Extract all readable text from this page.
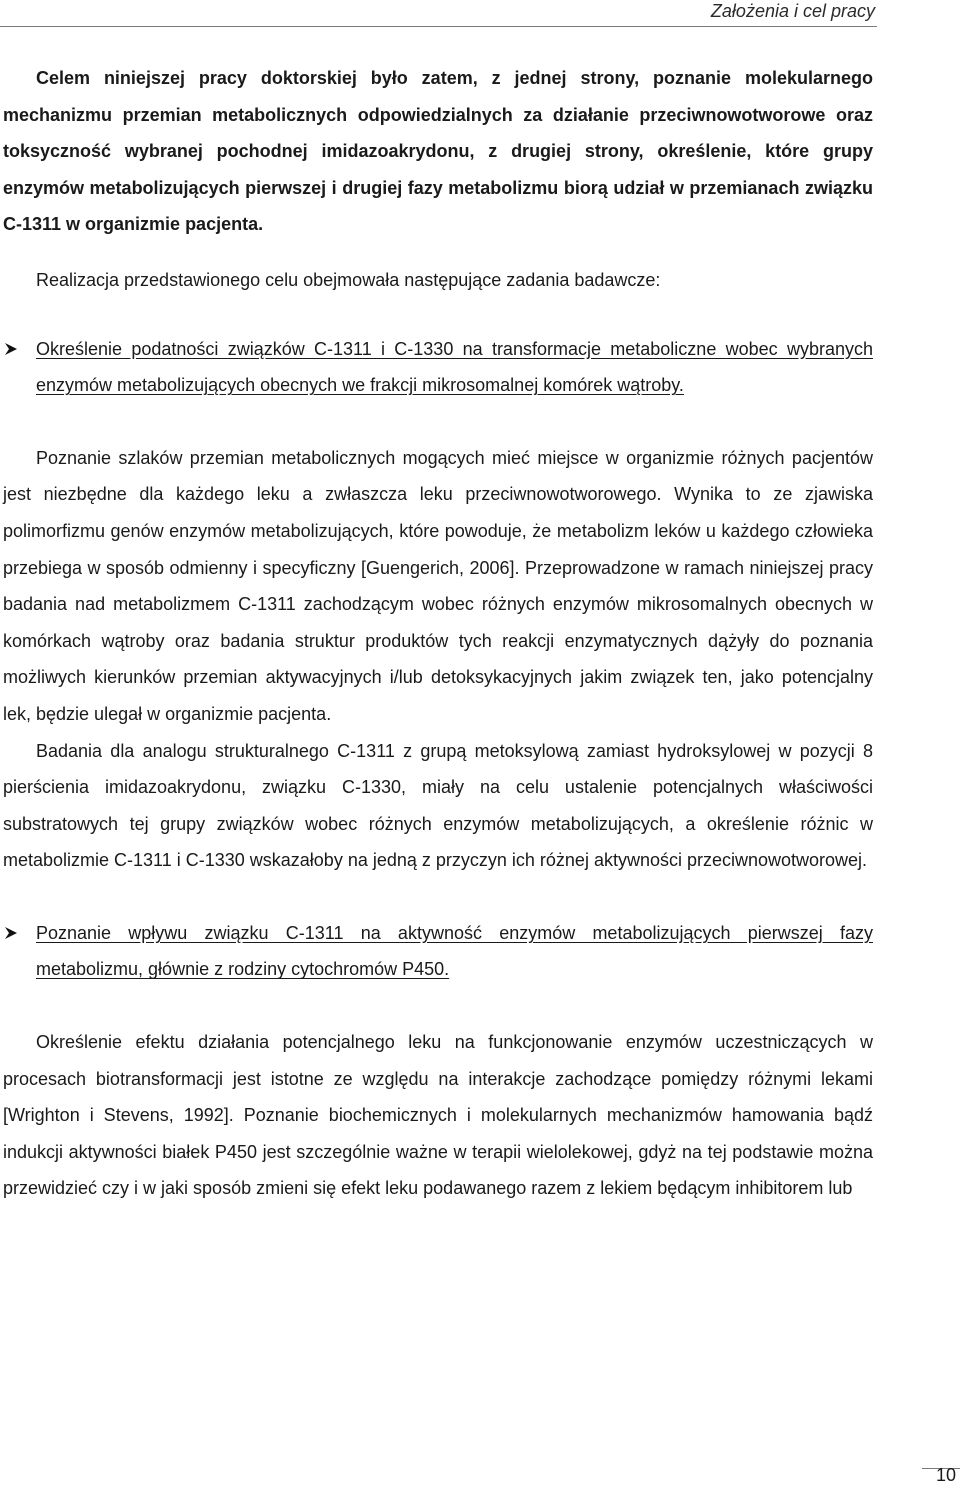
Założenia i cel pracy

Celem niniejszej pracy doktorskiej było zatem, z jednej strony, poznanie molekularnego mechanizmu przemian metabolicznych odpowiedzialnych za działanie przeciwnowotworowe oraz toksyczność wybranej pochodnej imidazoakrydonu, z drugiej strony, określenie, które grupy enzymów metabolizujących pierwszej i drugiej fazy metabolizmu biorą udział w przemianach związku C-1311 w organizmie pacjenta.

Realizacja przedstawionego celu obejmowała następujące zadania badawcze:

Określenie podatności związków C-1311 i C-1330 na transformacje metaboliczne wobec wybranych enzymów metabolizujących obecnych we frakcji mikrosomalnej komórek wątroby.

Poznanie szlaków przemian metabolicznych mogących mieć miejsce w organizmie różnych pacjentów jest niezbędne dla każdego leku a zwłaszcza leku przeciwnowotworowego. Wynika to ze zjawiska polimorfizmu genów enzymów metabolizujących, które powoduje, że metabolizm leków u każdego człowieka przebiega w sposób odmienny i specyficzny [Guengerich, 2006]. Przeprowadzone w ramach niniejszej pracy badania nad metabolizmem C-1311 zachodzącym wobec różnych enzymów mikrosomalnych obecnych w komórkach wątroby oraz badania struktur produktów tych reakcji enzymatycznych dążyły do poznania możliwych kierunków przemian aktywacyjnych i/lub detoksykacyjnych jakim związek ten, jako potencjalny lek, będzie ulegał w organizmie pacjenta.

Badania dla analogu strukturalnego C-1311 z grupą metoksylową zamiast hydroksylowej w pozycji 8 pierścienia imidazoakrydonu, związku C-1330, miały na celu ustalenie potencjalnych właściwości substratowych tej grupy związków wobec różnych enzymów metabolizujących, a określenie różnic w metabolizmie C-1311 i C-1330 wskazałoby na jedną z przyczyn ich różnej aktywności przeciwnowotworowej.

Poznanie wpływu związku C-1311 na aktywność enzymów metabolizujących pierwszej fazy metabolizmu, głównie z rodziny cytochromów P450.

Określenie efektu działania potencjalnego leku na funkcjonowanie enzymów uczestniczących w procesach biotransformacji jest istotne ze względu na interakcje zachodzące pomiędzy różnymi lekami [Wrighton i Stevens, 1992]. Poznanie biochemicznych i molekularnych mechanizmów hamowania bądź indukcji aktywności białek P450 jest szczególnie ważne w terapii wielolekowej, gdyż na tej podstawie można przewidzieć czy i w jaki sposób zmieni się efekt leku podawanego razem z lekiem będącym inhibitorem lub

10
